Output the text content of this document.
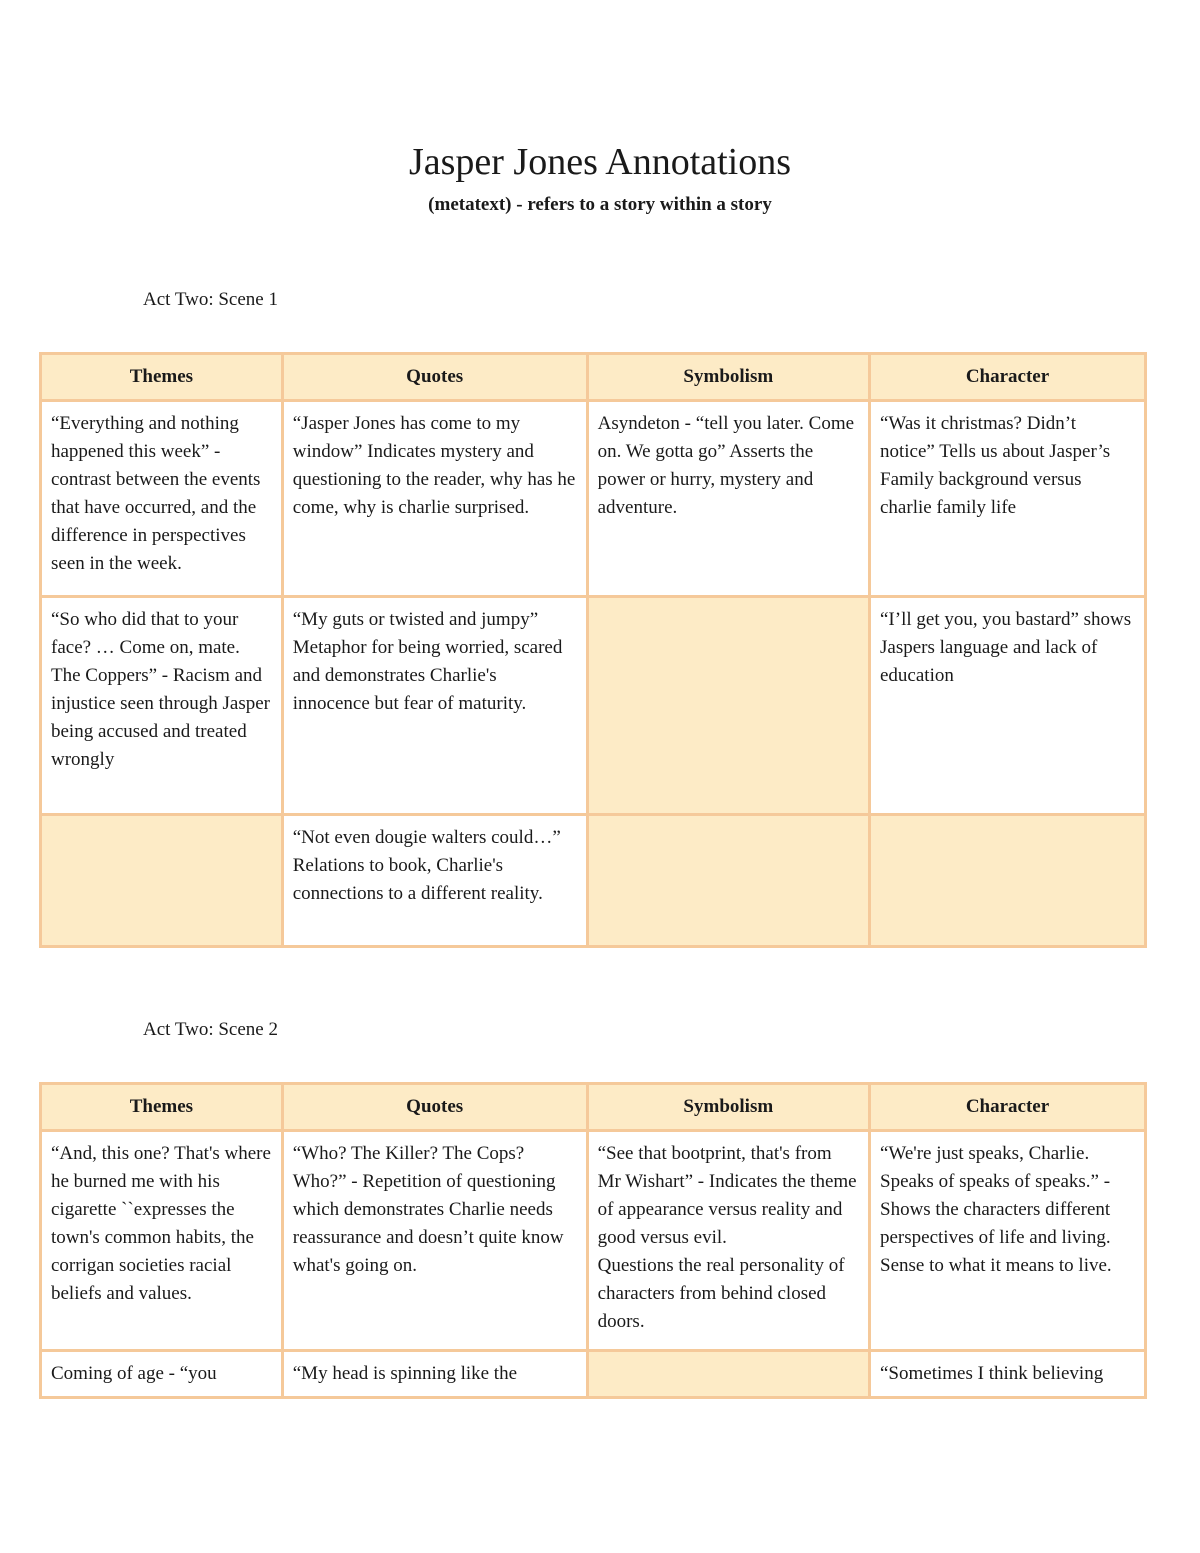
Jasper Jones Annotations

(metatext) - refers to a story within a story

Act Two: Scene 1

Themes	Quotes	Symbolism	Character
“Everything and nothing happened this week” - contrast between the events that have occurred, and the difference in perspectives seen in the week.	“Jasper Jones has come to my window” Indicates mystery and questioning to the reader, why has he come, why is charlie surprised.	Asyndeton - “tell you later. Come on. We gotta go” Asserts the power or hurry, mystery and adventure.	“Was it christmas? Didn’t notice” Tells us about Jasper’s Family background versus charlie family life
“So who did that to your face? … Come on, mate. The Coppers” - Racism and injustice seen through Jasper being accused and treated wrongly	“My guts or twisted and jumpy” Metaphor for being worried, scared and demonstrates Charlie's innocence but fear of maturity.		“I’ll get you, you bastard” shows Jaspers language and lack of education
	“Not even dougie walters could…” Relations to book, Charlie's connections to a different reality.		

Act Two: Scene 2

Themes	Quotes	Symbolism	Character
“And, this one? That's where he burned me with his cigarette ``expresses the town's common habits, the corrigan societies racial beliefs and values.	“Who? The Killer? The Cops? Who?” - Repetition of questioning which demonstrates Charlie needs reassurance and doesn’t quite know what's going on.	“See that bootprint, that's from Mr Wishart” - Indicates the theme of appearance versus reality and good versus evil.
Questions the real personality of characters from behind closed doors.	“We're just speaks, Charlie. Speaks of speaks of speaks.” - Shows the characters different perspectives of life and living. Sense to what it means to live.
Coming of age - “you	“My head is spinning like the		“Sometimes I think believing
